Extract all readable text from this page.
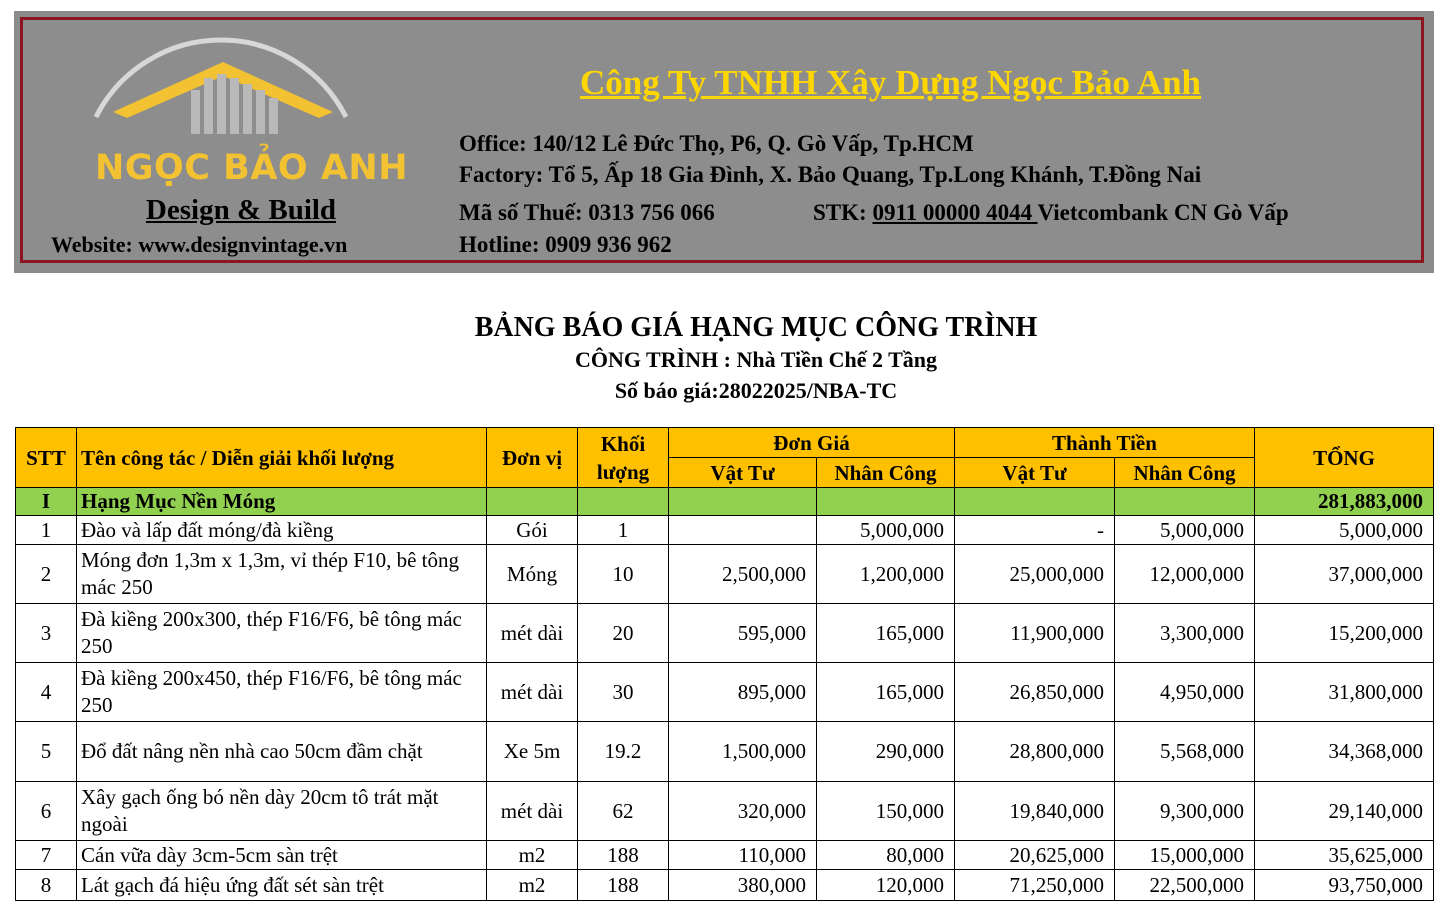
NGỌC BẢO ANH
Design & Build
Website: www.designvintage.vn
Công Ty TNHH Xây Dựng Ngọc Bảo Anh
Office: 140/12 Lê Đức Thọ, P6, Q. Gò Vấp, Tp.HCM
Factory: Tổ 5, Ấp 18 Gia Đình, X. Bảo Quang, Tp.Long Khánh, T.Đồng Nai
Mã số Thuế: 0313 756 066	STK: 0911 00000 4044 Vietcombank CN Gò Vấp
Hotline: 0909 936 962
BẢNG BÁO GIÁ HẠNG MỤC CÔNG TRÌNH
CÔNG TRÌNH : Nhà Tiền Chế 2 Tầng
Số báo giá:28022025/NBA-TC
STT	Tên công tác / Diễn giải khối lượng	Đơn vị	Khối lượng	Đơn Giá		Thành Tiền		TỔNG
				Vật Tư	Nhân Công	Vật Tư	Nhân Công	
I	Hạng Mục Nền Móng							281,883,000
1	Đào và lấp đất móng/đà kiềng	Gói	1		5,000,000	-	5,000,000	5,000,000
2	Móng đơn 1,3m x 1,3m, vỉ thép F10, bê tông mác 250	Móng	10	2,500,000	1,200,000	25,000,000	12,000,000	37,000,000
3	Đà kiềng 200x300, thép F16/F6, bê tông mác 250	mét dài	20	595,000	165,000	11,900,000	3,300,000	15,200,000
4	Đà kiềng 200x450, thép F16/F6, bê tông mác 250	mét dài	30	895,000	165,000	26,850,000	4,950,000	31,800,000
5	Đổ đất nâng nền nhà cao 50cm đầm chặt	Xe 5m	19.2	1,500,000	290,000	28,800,000	5,568,000	34,368,000
6	Xây gạch ống bó nền dày 20cm tô trát mặt ngoài	mét dài	62	320,000	150,000	19,840,000	9,300,000	29,140,000
7	Cán vữa dày 3cm-5cm sàn trệt	m2	188	110,000	80,000	20,625,000	15,000,000	35,625,000
8	Lát gạch đá hiệu ứng đất sét sàn trệt	m2	188	380,000	120,000	71,250,000	22,500,000	93,750,000
